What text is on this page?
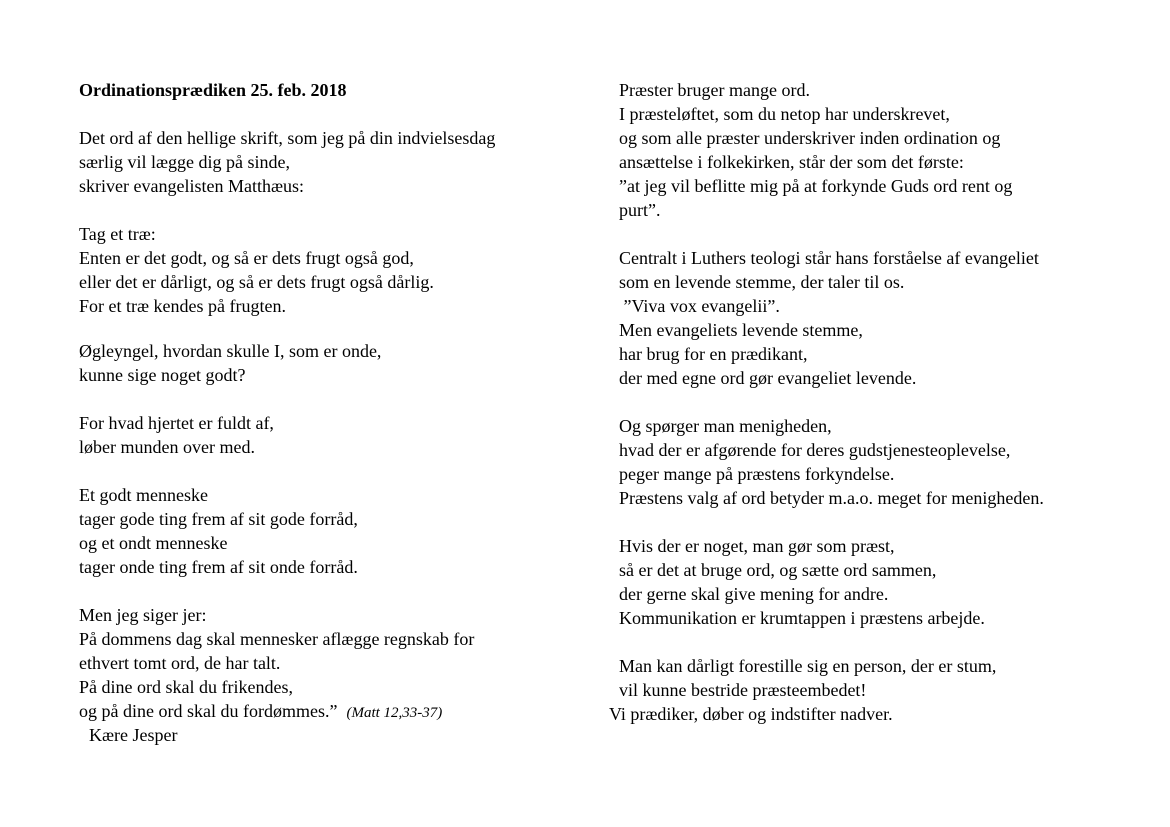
Ordinationsprædiken 25. feb. 2018
Det ord af den hellige skrift, som jeg på din indvielsesdag
særlig vil lægge dig på sinde,
skriver evangelisten Matthæus:
Tag et træ:
Enten er det godt, og så er dets frugt også god,
eller det er dårligt, og så er dets frugt også dårlig.
For et træ kendes på frugten.
Øgleyngel, hvordan skulle I, som er onde,
kunne sige noget godt?
For hvad hjertet er fuldt af,
løber munden over med.
Et godt menneske
tager gode ting frem af sit gode forråd,
og et ondt menneske
tager onde ting frem af sit onde forråd.
Men jeg siger jer:
På dommens dag skal mennesker aflægge regnskab for
ethvert tomt ord, de har talt.
På dine ord skal du frikendes,
og på dine ord skal du fordømmes.” (Matt 12,33-37)
Kære Jesper
Præster bruger mange ord.
I præsteløftet, som du netop har underskrevet,
og som alle præster underskriver inden ordination og
ansættelse i folkekirken, står der som det første:
”at jeg vil beflitte mig på at forkynde Guds ord rent og
purt”.
Centralt i Luthers teologi står hans forståelse af evangeliet
som en levende stemme, der taler til os.
”Viva vox evangelii”.
Men evangeliets levende stemme,
har brug for en prædikant,
der med egne ord gør evangeliet levende.
Og spørger man menigheden,
hvad der er afgørende for deres gudstjenesteoplevelse,
peger mange på præstens forkyndelse.
Præstens valg af ord betyder m.a.o. meget for menigheden.
Hvis der er noget, man gør som præst,
så er det at bruge ord, og sætte ord sammen,
der gerne skal give mening for andre.
Kommunikation er krumtappen i præstens arbejde.
Man kan dårligt forestille sig en person, der er stum,
vil kunne bestride præsteembedet!
Vi prædiker, døber og indstifter nadver.
